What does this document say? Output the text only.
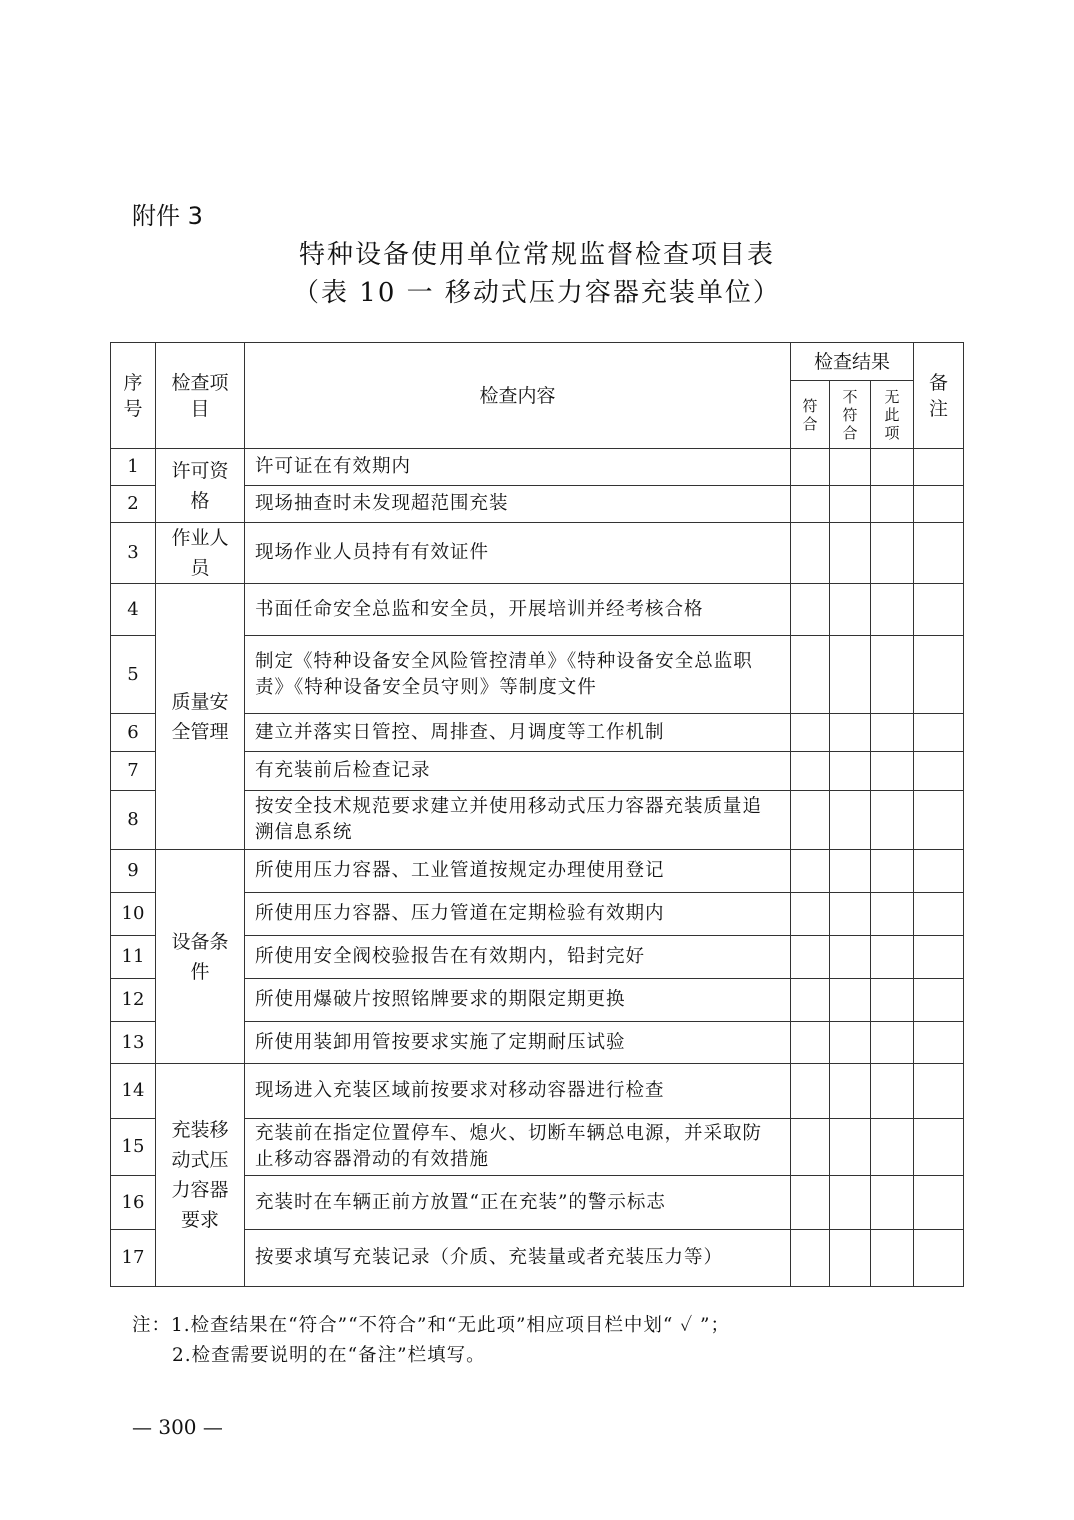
附件 3
特种设备使用单位常规监督检查项目表
（表 10 一 移动式压力容器充装单位）
序号	检查项目	检查内容	检查结果			备注
			符合	不符合	无此项	
1	许可资格	许可证在有效期内				
2		现场抽查时未发现超范围充装				
3	作业人员	现场作业人员持有有效证件				
4	质量安全管理	书面任命安全总监和安全员，开展培训并经考核合格				
5		制定《特种设备安全风险管控清单》《特种设备安全总监职责》《特种设备安全员守则》等制度文件				
6		建立并落实日管控、周排查、月调度等工作机制				
7		有充装前后检查记录				
8		按安全技术规范要求建立并使用移动式压力容器充装质量追溯信息系统				
9	设备条件	所使用压力容器、工业管道按规定办理使用登记				
10		所使用压力容器、压力管道在定期检验有效期内				
11		所使用安全阀校验报告在有效期内，铅封完好				
12		所使用爆破片按照铭牌要求的期限定期更换				
13		所使用装卸用管按要求实施了定期耐压试验				
14	充装移动式压力容器要求	现场进入充装区域前按要求对移动容器进行检查				
15		充装前在指定位置停车、熄火、切断车辆总电源，并采取防止移动容器滑动的有效措施				
16		充装时在车辆正前方放置“正在充装”的警示标志				
17		按要求填写充装记录（介质、充装量或者充装压力等）				
注：1.检查结果在“符合”“不符合”和“无此项”相应项目栏中划“ ✓ ”；
2.检查需要说明的在“备注”栏填写。
— 300 —
